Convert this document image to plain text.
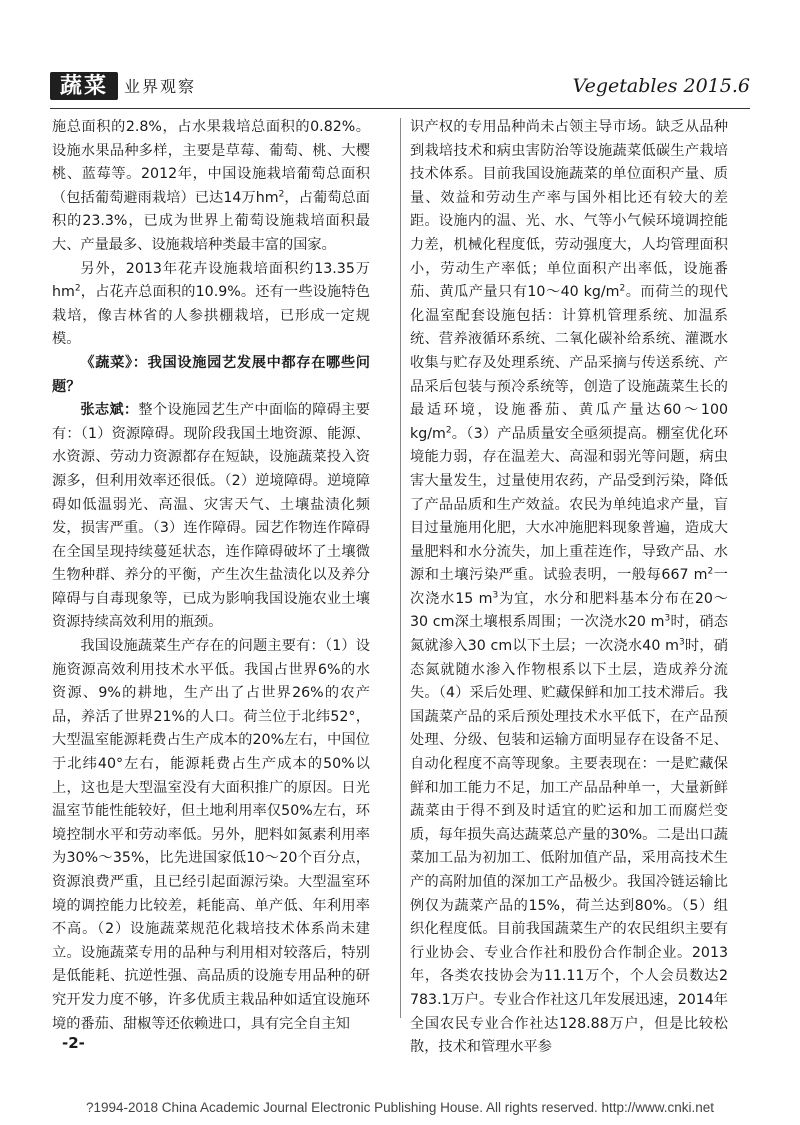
蔬菜	业界观察	Vegetables 2015.6

施总面积的2.8%，占水果栽培总面积的0.82%。设施水果品种多样，主要是草莓、葡萄、桃、大樱桃、蓝莓等。2012年，中国设施栽培葡萄总面积（包括葡萄避雨栽培）已达14万$hm^2$，占葡萄总面积的23.3%，已成为世界上葡萄设施栽培面积最大、产量最多、设施栽培种类最丰富的国家。

另外，2013年花卉设施栽培面积约13.35万$hm^2$，占花卉总面积的10.9%。还有一些设施特色栽培，像吉林省的人参拱棚栽培，已形成一定规模。

《蔬菜》：我国设施园艺发展中都存在哪些问题？

张志斌：整个设施园艺生产中面临的障碍主要有：（1）资源障碍。现阶段我国土地资源、能源、水资源、劳动力资源都存在短缺，设施蔬菜投入资源多，但利用效率还很低。（2）逆境障碍。逆境障碍如低温弱光、高温、灾害天气、土壤盐渍化频发，损害严重。（3）连作障碍。园艺作物连作障碍在全国呈现持续蔓延状态，连作障碍破坏了土壤微生物种群、养分的平衡，产生次生盐渍化以及养分障碍与自毒现象等，已成为影响我国设施农业土壤资源持续高效利用的瓶颈。

我国设施蔬菜生产存在的问题主要有：（1）设施资源高效利用技术水平低。我国占世界6%的水资源、9%的耕地，生产出了占世界26%的农产品，养活了世界21%的人口。荷兰位于北纬52°，大型温室能源耗费占生产成本的20%左右，中国位于北纬40°左右，能源耗费占生产成本的50%以上，这也是大型温室没有大面积推广的原因。日光温室节能性能较好，但土地利用率仅50%左右，环境控制水平和劳动率低。另外，肥料如氮素利用率为30%～35%，比先进国家低10～20个百分点，资源浪费严重，且已经引起面源污染。大型温室环境的调控能力比较差，耗能高、单产低、年利用率不高。（2）设施蔬菜规范化栽培技术体系尚未建立。设施蔬菜专用的品种与利用相对较落后，特别是低能耗、抗逆性强、高品质的设施专用品种的研究开发力度不够，许多优质主栽品种如适宜设施环境的番茄、甜椒等还依赖进口，具有完全自主知

识产权的专用品种尚未占领主导市场。缺乏从品种到栽培技术和病虫害防治等设施蔬菜低碳生产栽培技术体系。目前我国设施蔬菜的单位面积产量、质量、效益和劳动生产率与国外相比还有较大的差距。设施内的温、光、水、气等小气候环境调控能力差，机械化程度低，劳动强度大，人均管理面积小，劳动生产率低；单位面积产出率低，设施番茄、黄瓜产量只有10～40 $kg/m^2$。而荷兰的现代化温室配套设施包括：计算机管理系统、加温系统、营养液循环系统、二氧化碳补给系统、灌溉水收集与贮存及处理系统、产品采摘与传送系统、产品采后包装与预冷系统等，创造了设施蔬菜生长的最适环境，设施番茄、黄瓜产量达60～100 $kg/m^2$。（3）产品质量安全亟须提高。棚室优化环境能力弱，存在温差大、高湿和弱光等问题，病虫害大量发生，过量使用农药，产品受到污染，降低了产品品质和生产效益。农民为单纯追求产量，盲目过量施用化肥，大水冲施肥料现象普遍，造成大量肥料和水分流失，加上重茬连作，导致产品、水源和土壤污染严重。试验表明，一般每667 $m^2$一次浇水15 $m^3$为宜，水分和肥料基本分布在20～30 cm深土壤根系周围；一次浇水20 $m^3$时，硝态氮就渗入30 cm以下土层；一次浇水40 $m^3$时，硝态氮就随水渗入作物根系以下土层，造成养分流失。（4）采后处理、贮藏保鲜和加工技术滞后。我国蔬菜产品的采后预处理技术水平低下，在产品预处理、分级、包装和运输方面明显存在设备不足、自动化程度不高等现象。主要表现在：一是贮藏保鲜和加工能力不足，加工产品品种单一，大量新鲜蔬菜由于得不到及时适宜的贮运和加工而腐烂变质，每年损失高达蔬菜总产量的30%。二是出口蔬菜加工品为初加工、低附加值产品，采用高技术生产的高附加值的深加工产品极少。我国冷链运输比例仅为蔬菜产品的15%，荷兰达到80%。（5）组织化程度低。目前我国蔬菜生产的农民组织主要有行业协会、专业合作社和股份合作制企业。2013年，各类农技协会为11.11万个，个人会员数达2 783.1万户。专业合作社这几年发展迅速，2014年全国农民专业合作社达128.88万户，但是比较松散，技术和管理水平参

-2-
?1994-2018 China Academic Journal Electronic Publishing House. All rights reserved. http://www.cnki.net
